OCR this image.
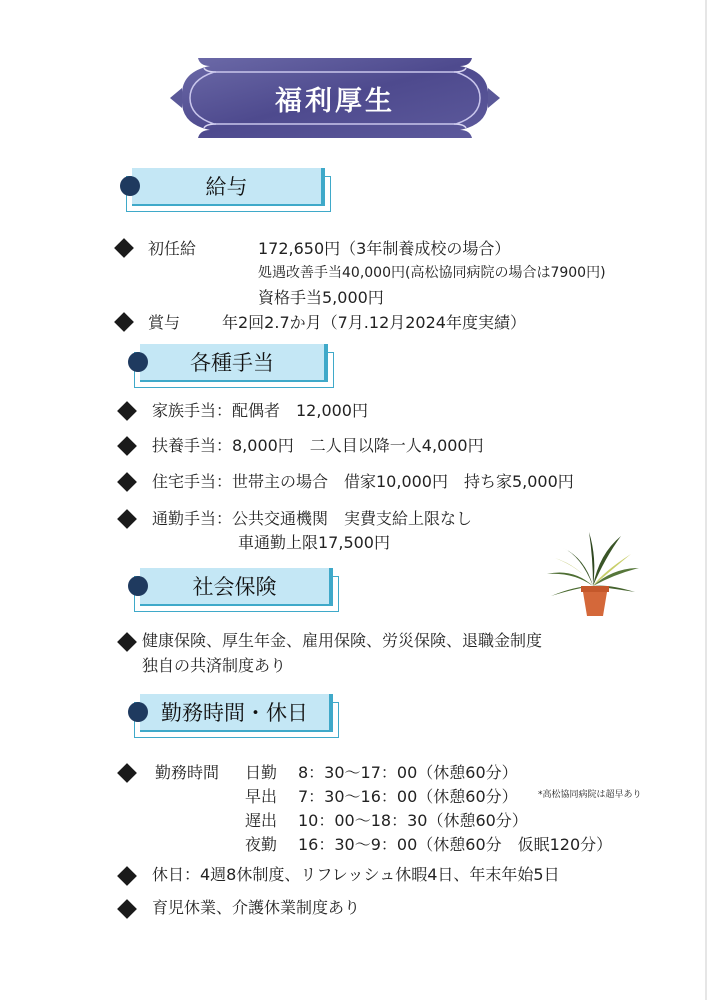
福利厚生
給与
初任給	172,650円（3年制養成校の場合）
処遇改善手当40,000円(高松協同病院の場合は7900円)
資格手当5,000円
賞与	年2回2.7か月（7月.12月2024年度実績）
各種手当
家族手当：配偶者　12,000円
扶養手当：8,000円　二人目以降一人4,000円
住宅手当：世帯主の場合　借家10,000円　持ち家5,000円
通勤手当：公共交通機関　実費支給上限なし
車通勤上限17,500円
社会保険
健康保険、厚生年金、雇用保険、労災保険、退職金制度
独自の共済制度あり
勤務時間・休日
勤務時間 日勤 8：30〜17：00（休憩60分）
早出 7：30〜16：00（休憩60分） *高松協同病院は超早あり
遅出 10：00〜18：30（休憩60分）
夜勤 16：30〜9：00（休憩60分　仮眠120分）
休日：4週8休制度、リフレッシュ休暇4日、年末年始5日
育児休業、介護休業制度あり
